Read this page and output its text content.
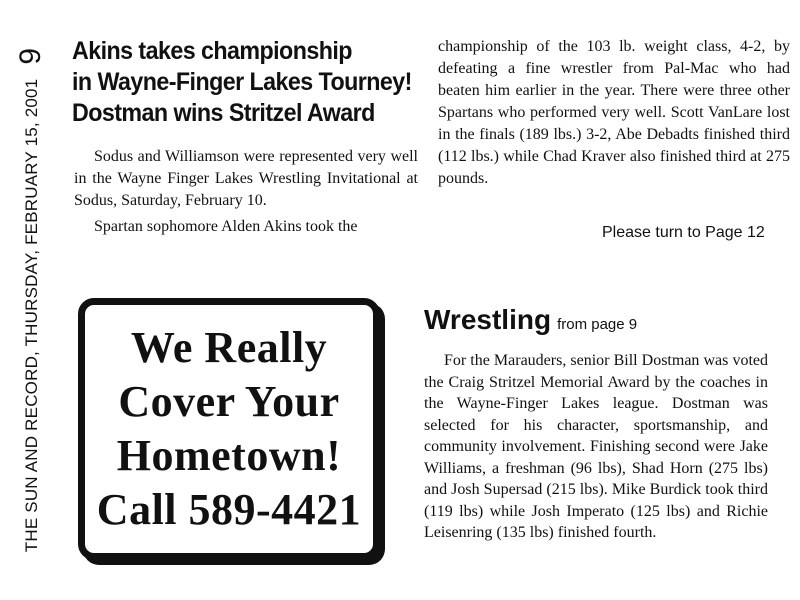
THE SUN AND RECORD, THURSDAY, FEBRUARY 15, 20019 Akins takes championship
in Wayne-Finger Lakes Tourney!
Dostman wins Stritzel Award

Sodus and Williamson were represented very well in the Wayne Finger Lakes Wrestling Invitational at Sodus, Saturday, February 10.

Spartan sophomore Alden Akins took the

championship of the 103 lb. weight class, 4-2, by defeating a fine wrestler from Pal-Mac who had beaten him earlier in the year. There were three other Spartans who performed very well. Scott VanLare lost in the finals (189 lbs.) 3-2, Abe Debadts finished third (112 lbs.) while Chad Kraver also finished third at 275 pounds.

Please turn to Page 12
We Really
Cover Your
Hometown!
Call 589-4421
Wrestling from page 9

For the Marauders, senior Bill Dostman was voted the Craig Stritzel Memorial Award by the coaches in the Wayne-Finger Lakes league. Dostman was selected for his character, sportsmanship, and community involvement. Finishing second were Jake Williams, a freshman (96 lbs), Shad Horn (275 lbs) and Josh Supersad (215 lbs). Mike Burdick took third (119 lbs) while Josh Imperato (125 lbs) and Richie Leisenring (135 lbs) finished fourth.
